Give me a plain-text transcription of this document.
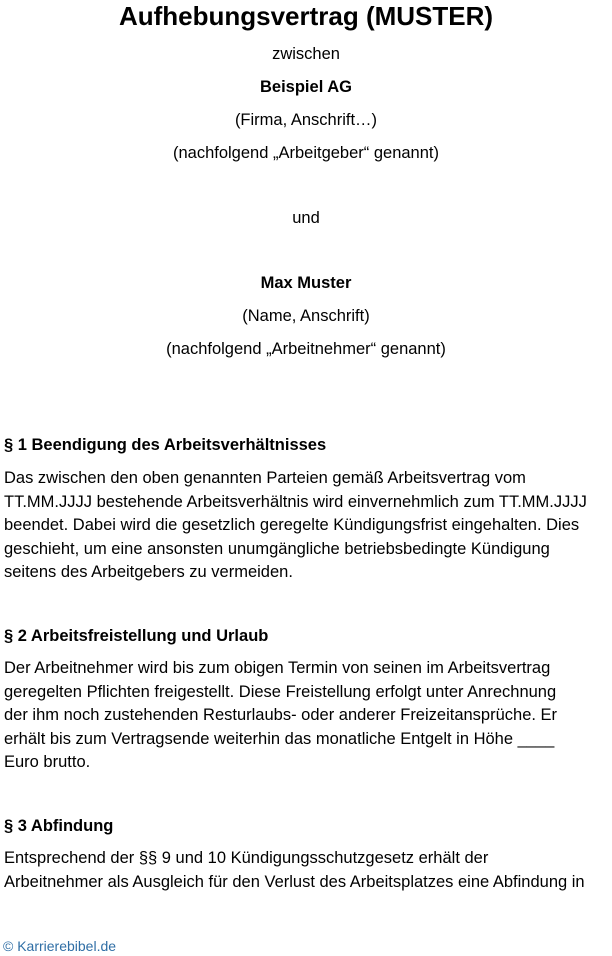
Aufhebungsvertrag (MUSTER)

zwischen

Beispiel AG

(Firma, Anschrift…)

(nachfolgend „Arbeitgeber“ genannt)

und

Max Muster

(Name, Anschrift)

(nachfolgend „Arbeitnehmer“ genannt)

§ 1 Beendigung des Arbeitsverhältnisses
Das zwischen den oben genannten Parteien gemäß Arbeitsvertrag vom
TT.MM.JJJJ bestehende Arbeitsverhältnis wird einvernehmlich zum TT.MM.JJJJ
beendet. Dabei wird die gesetzlich geregelte Kündigungsfrist eingehalten. Dies
geschieht, um eine ansonsten unumgängliche betriebsbedingte Kündigung
seitens des Arbeitgebers zu vermeiden.
§ 2 Arbeitsfreistellung und Urlaub
Der Arbeitnehmer wird bis zum obigen Termin von seinen im Arbeitsvertrag
geregelten Pflichten freigestellt. Diese Freistellung erfolgt unter Anrechnung
der ihm noch zustehenden Resturlaubs- oder anderer Freizeitansprüche. Er
erhält bis zum Vertragsende weiterhin das monatliche Entgelt in Höhe ____
Euro brutto.
§ 3 Abfindung
Entsprechend der §§ 9 und 10 Kündigungsschutzgesetz erhält der
Arbeitnehmer als Ausgleich für den Verlust des Arbeitsplatzes eine Abfindung in
© Karrierebibel.de
